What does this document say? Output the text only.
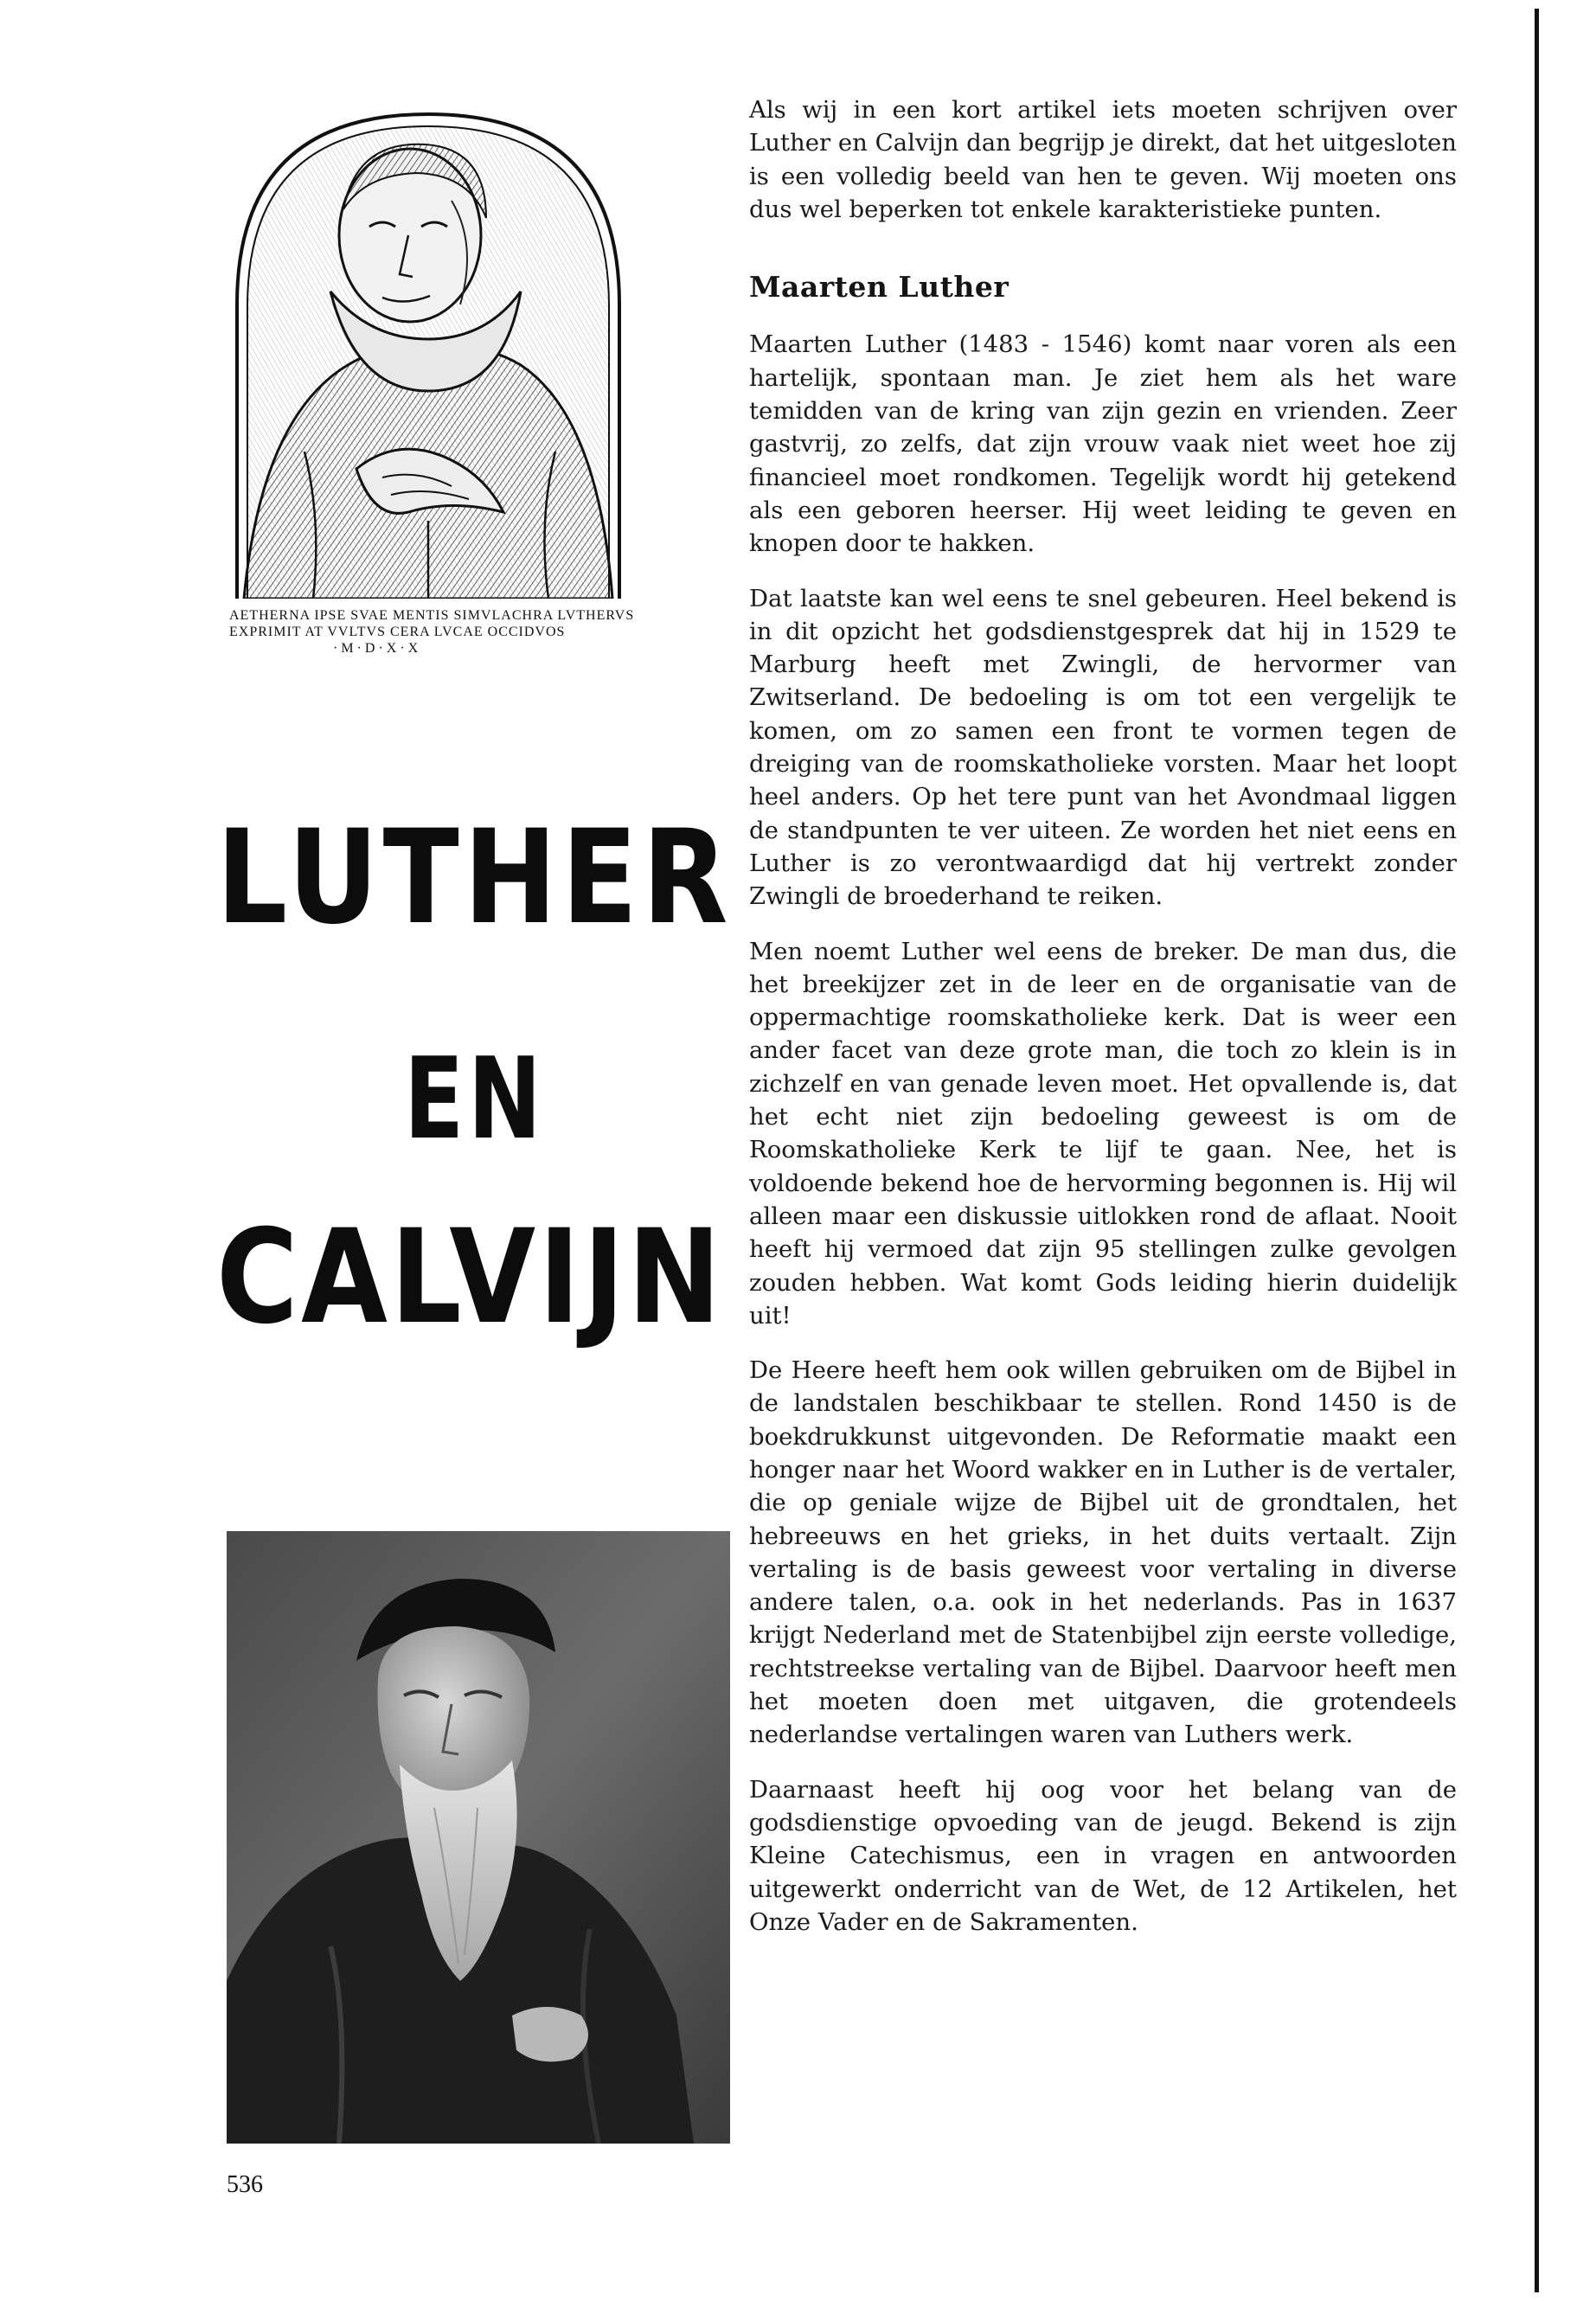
AETHERNA IPSE SVAE MENTIS SIMVLACHRA LVTHERVS
EXPRIMIT AT VVLTVS CERA LVCAE OCCIDVOS
·M·D·X·X
LUTHER
EN
CALVIJN
536

Als wij in een kort artikel iets moeten schrijven over Luther en Calvijn dan begrijp je direkt, dat het uitgesloten is een volledig beeld van hen te geven. Wij moeten ons dus wel beperken tot enkele karakteristieke punten.

Maarten Luther

Maarten Luther (1483 - 1546) komt naar voren als een hartelijk, spontaan man. Je ziet hem als het ware temidden van de kring van zijn gezin en vrienden. Zeer gastvrij, zo zelfs, dat zijn vrouw vaak niet weet hoe zij financieel moet rondkomen. Tegelijk wordt hij getekend als een geboren heerser. Hij weet leiding te geven en knopen door te hakken.

Dat laatste kan wel eens te snel gebeuren. Heel bekend is in dit opzicht het godsdienstgesprek dat hij in 1529 te Marburg heeft met Zwingli, de hervormer van Zwitserland. De bedoeling is om tot een vergelijk te komen, om zo samen een front te vormen tegen de dreiging van de roomskatholieke vorsten. Maar het loopt heel anders. Op het tere punt van het Avondmaal liggen de standpunten te ver uiteen. Ze worden het niet eens en Luther is zo verontwaardigd dat hij vertrekt zonder Zwingli de broederhand te reiken.

Men noemt Luther wel eens de breker. De man dus, die het breekijzer zet in de leer en de organisatie van de oppermachtige roomskatholieke kerk. Dat is weer een ander facet van deze grote man, die toch zo klein is in zichzelf en van genade leven moet. Het opvallende is, dat het echt niet zijn bedoeling geweest is om de Roomskatholieke Kerk te lijf te gaan. Nee, het is voldoende bekend hoe de hervorming begonnen is. Hij wil alleen maar een diskussie uitlokken rond de aflaat. Nooit heeft hij vermoed dat zijn 95 stellingen zulke gevolgen zouden hebben. Wat komt Gods leiding hierin duidelijk uit!

De Heere heeft hem ook willen gebruiken om de Bijbel in de landstalen beschikbaar te stellen. Rond 1450 is de boekdrukkunst uitgevonden. De Reformatie maakt een honger naar het Woord wakker en in Luther is de vertaler, die op geniale wijze de Bijbel uit de grondtalen, het hebreeuws en het grieks, in het duits vertaalt. Zijn vertaling is de basis geweest voor vertaling in diverse andere talen, o.a. ook in het nederlands. Pas in 1637 krijgt Nederland met de Statenbijbel zijn eerste volledige, rechtstreekse vertaling van de Bijbel. Daarvoor heeft men het moeten doen met uitgaven, die grotendeels nederlandse vertalingen waren van Luthers werk.

Daarnaast heeft hij oog voor het belang van de godsdienstige opvoeding van de jeugd. Bekend is zijn Kleine Catechismus, een in vragen en antwoorden uitgewerkt onderricht van de Wet, de 12 Artikelen, het Onze Vader en de Sakramenten.
